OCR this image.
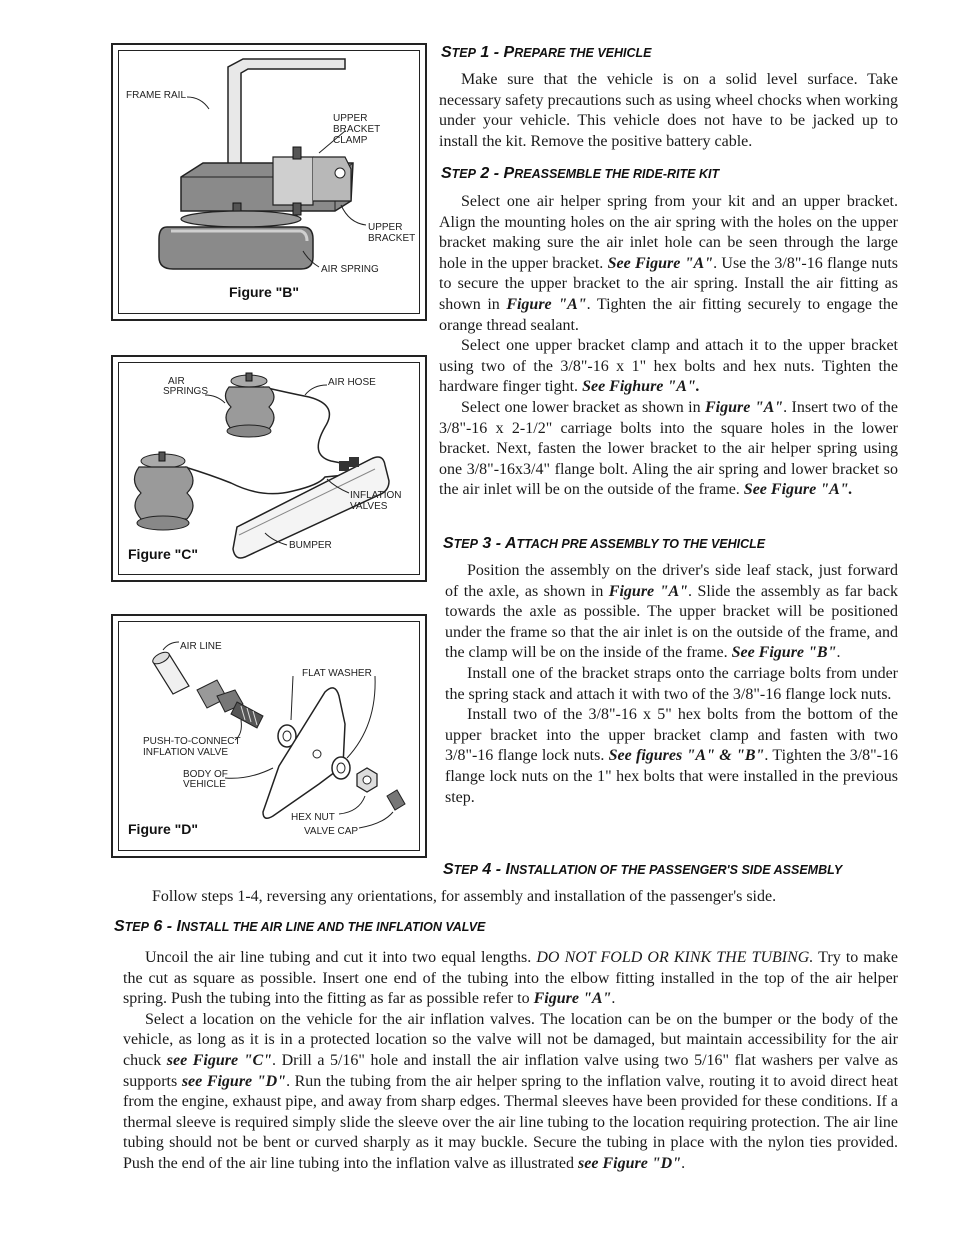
FRAME RAIL
UPPER
BRACKET
CLAMP
UPPER
BRACKET
AIR SPRING
Figure "B"
AIR
SPRINGS
AIR HOSE
INFLATION
VALVES
BUMPER
Figure "C"
AIR LINE
FLAT WASHER
PUSH-TO-CONNECT
INFLATION VALVE
BODY OF
VEHICLE
HEX NUT
VALVE CAP
Figure "D"
STEP 1 - PREPARE THE VEHICLE

Make sure that the vehicle is on a solid level surface. Take necessary safety precautions such as using wheel chocks when working under your vehicle. This vehicle does not have to be jacked up to install the kit. Remove the positive battery cable.

STEP 2 - PREASSEMBLE THE RIDE-RITE KIT

Select one air helper spring from your kit and an upper bracket. Align the mounting holes on the air spring with the holes on the upper bracket making sure the air inlet hole can be seen through the large hole in the upper bracket. See Figure "A". Use the 3/8"-16 flange nuts to secure the upper bracket to the air spring. Install the air fitting as shown in Figure "A". Tighten the air fitting securely to engage the orange thread sealant.

Select one upper bracket clamp and attach it to the upper bracket using two of the 3/8"-16 x 1" hex bolts and hex nuts. Tighten the hardware finger tight. See Fighure "A".

Select one lower bracket as shown in Figure "A". Insert two of the 3/8"-16 x 2-1/2" carriage bolts into the square holes in the lower bracket. Next, fasten the lower bracket to the air helper spring using one 3/8"-16x3/4" flange bolt. Aling the air spring and lower bracket so the air inlet will be on the outside of the frame. See Figure "A".

STEP 3 - ATTACH PRE ASSEMBLY TO THE VEHICLE

Position the assembly on the driver's side leaf stack, just forward of the axle, as shown in Figure "A". Slide the assembly as far back towards the axle as possible. The upper bracket will be positioned under the frame so that the air inlet is on the outside of the frame, and the clamp will be on the inside of the frame. See Figure "B".

Install one of the bracket straps onto the carriage bolts from under the spring stack and attach it with two of the 3/8"-16 flange lock nuts.

Install two of the 3/8"-16 x 5" hex bolts from the bottom of the upper bracket into the upper bracket clamp and fasten with two 3/8"-16 flange lock nuts. See figures "A" & "B". Tighten the 3/8"-16 flange lock nuts on the 1" hex bolts that were installed in the previous step.

STEP 4 - INSTALLATION OF THE PASSENGER'S SIDE ASSEMBLY

Follow steps 1-4, reversing any orientations, for assembly and installation of the passenger's side.

STEP 6 - INSTALL THE AIR LINE AND THE INFLATION VALVE

Uncoil the air line tubing and cut it into two equal lengths. DO NOT FOLD OR KINK THE TUBING. Try to make the cut as square as possible. Insert one end of the tubing into the elbow fitting installed in the top of the air helper spring. Push the tubing into the fitting as far as possible refer to Figure "A".

Select a location on the vehicle for the air inflation valves. The location can be on the bumper or the body of the vehicle, as long as it is in a protected location so the valve will not be damaged, but maintain accessibility for the air chuck see Figure "C". Drill a 5/16" hole and install the air inflation valve using two 5/16" flat washers per valve as supports see Figure "D". Run the tubing from the air helper spring to the inflation valve, routing it to avoid direct heat from the engine, exhaust pipe, and away from sharp edges. Thermal sleeves have been provided for these conditions. If a thermal sleeve is required simply slide the sleeve over the air line tubing to the location requiring protection. The air line tubing should not be bent or curved sharply as it may buckle. Secure the tubing in place with the nylon ties provided. Push the end of the air line tubing into the inflation valve as illustrated see Figure "D".
